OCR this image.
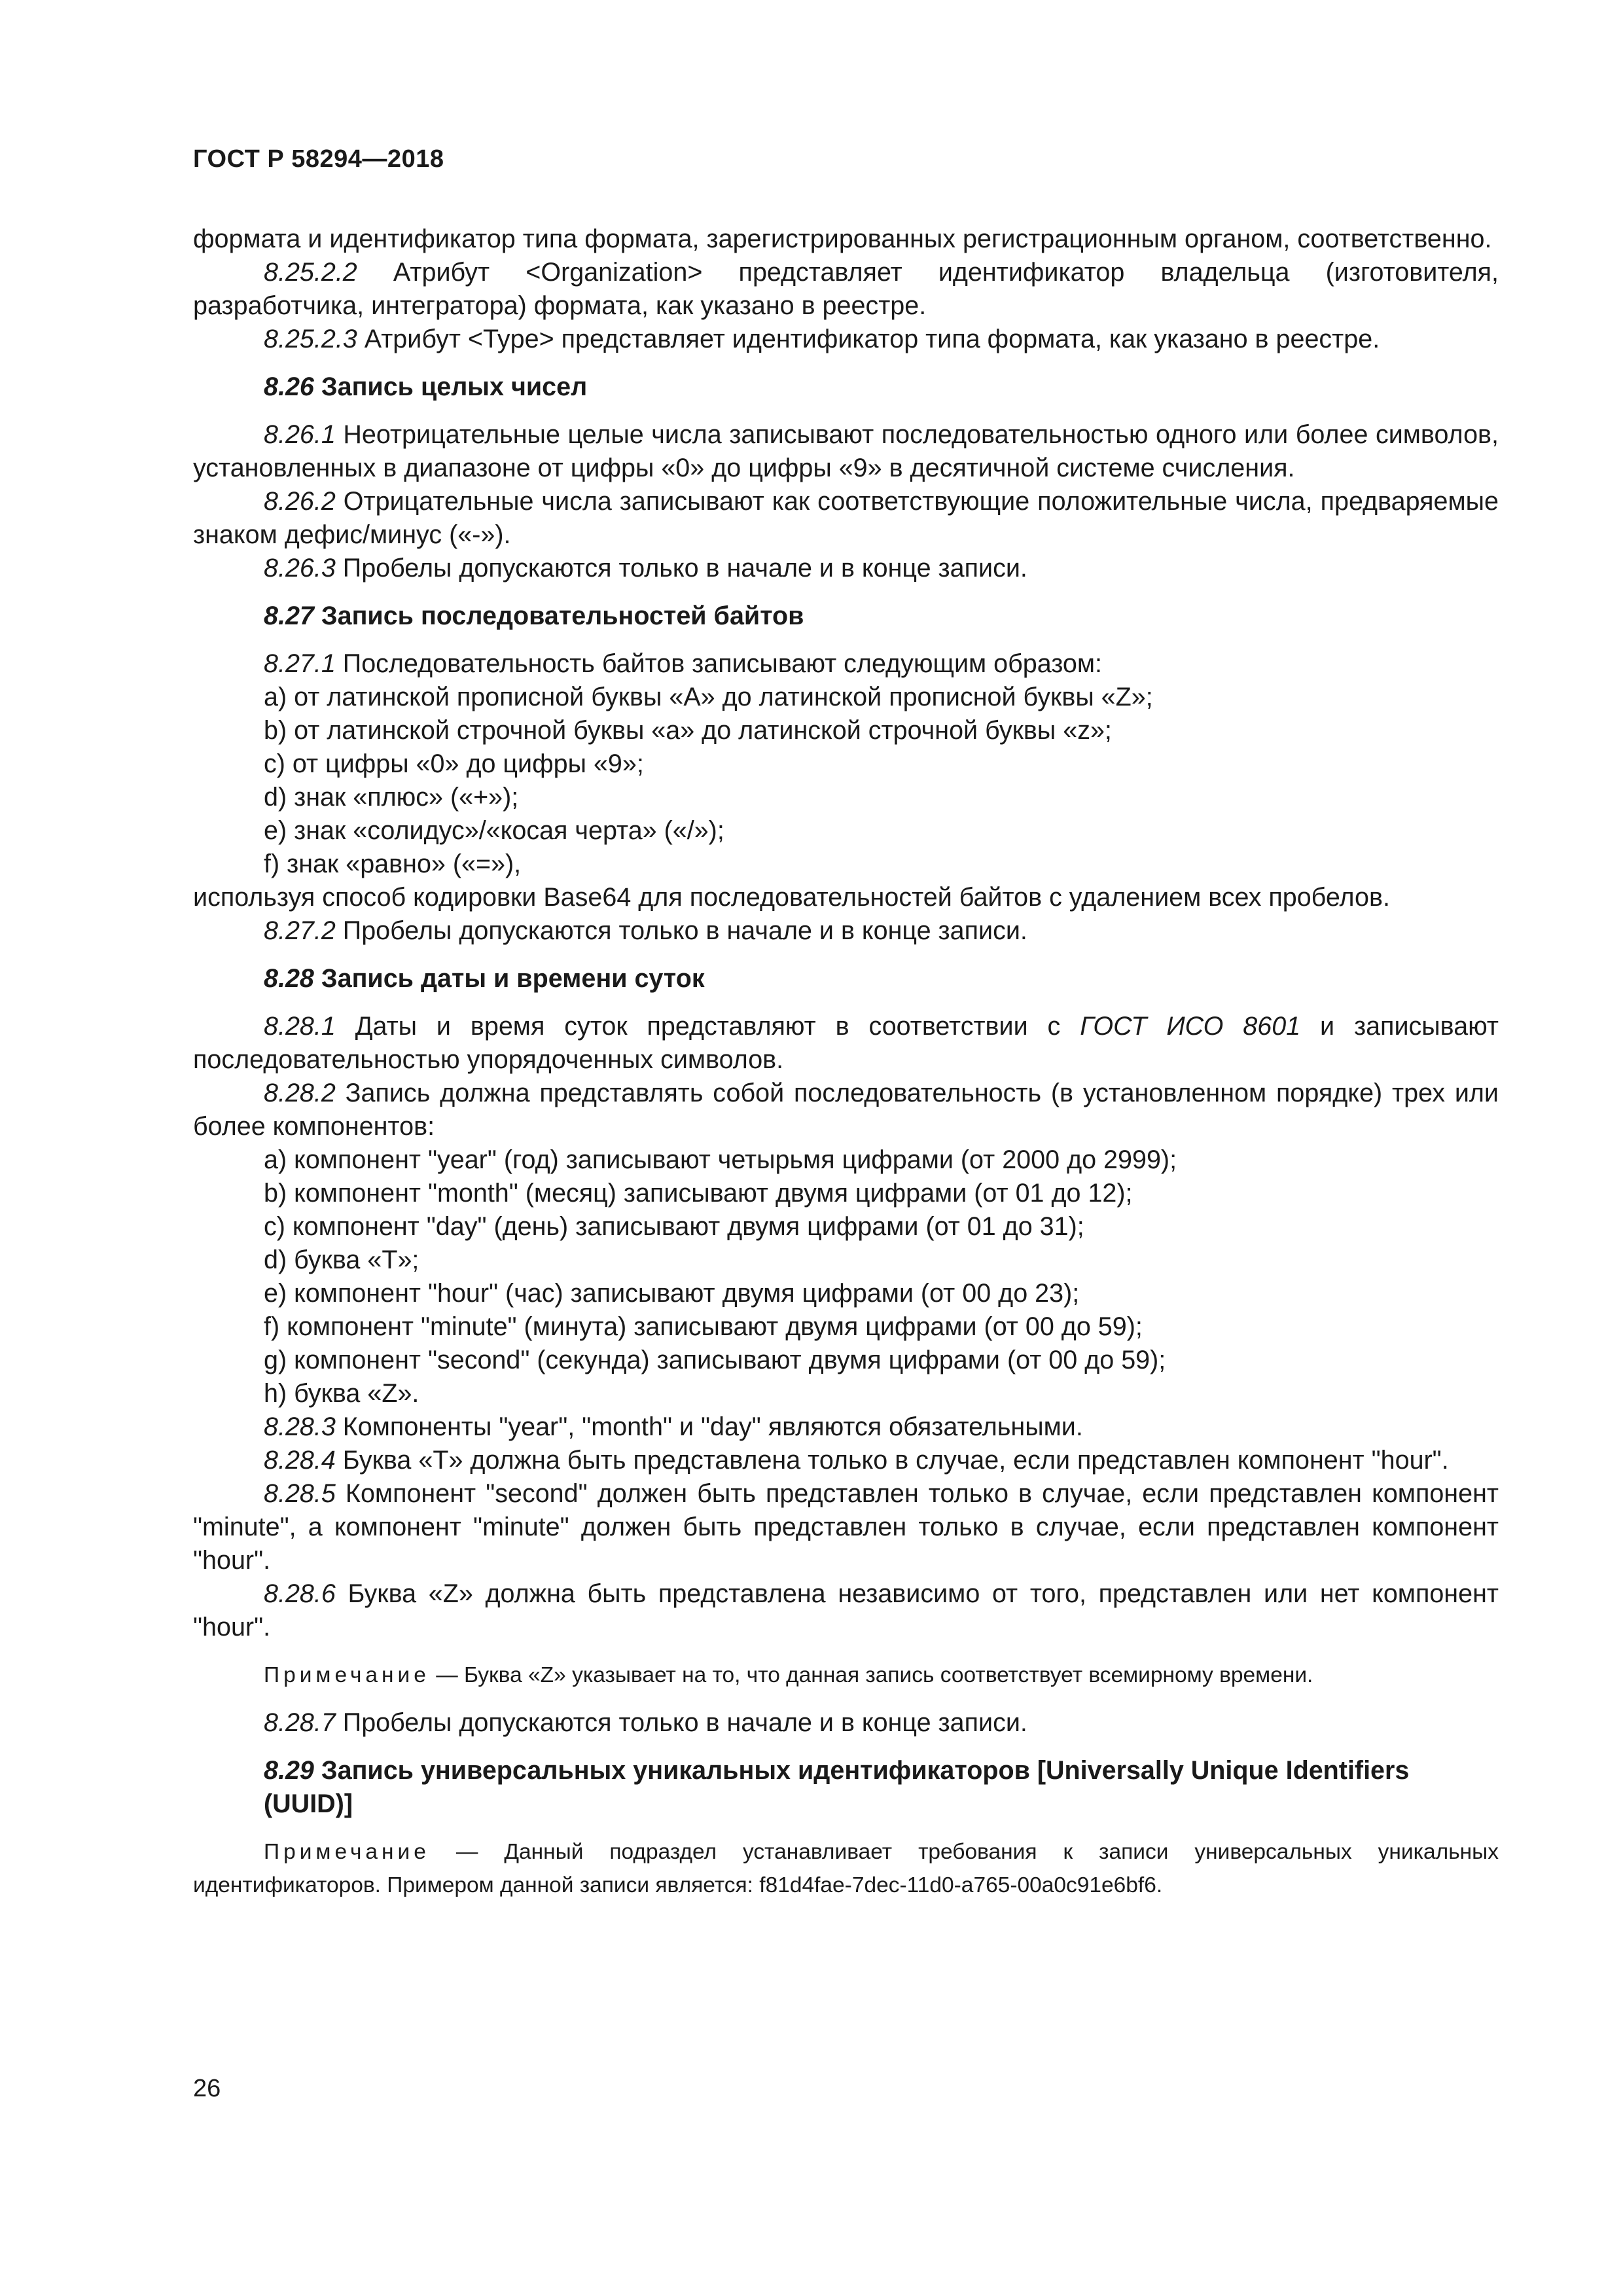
ГОСТ Р 58294—2018

формата и идентификатор типа формата, зарегистрированных регистрационным органом, соответственно.

8.25.2.2 Атрибут <Organization> представляет идентификатор владельца (изготовителя, разработчика, интегратора) формата, как указано в реестре.

8.25.2.3 Атрибут <Type> представляет идентификатор типа формата, как указано в реестре.

8.26 Запись целых чисел

8.26.1 Неотрицательные целые числа записывают последовательностью одного или более символов, установленных в диапазоне от цифры «0» до цифры «9» в десятичной системе счисления.

8.26.2 Отрицательные числа записывают как соответствующие положительные числа, предваряемые знаком дефис/минус («-»).

8.26.3 Пробелы допускаются только в начале и в конце записи.

8.27 Запись последовательностей байтов

8.27.1 Последовательность байтов записывают следующим образом:

а) от латинской прописной буквы «A» до латинской прописной буквы «Z»;

b) от латинской строчной буквы «a» до латинской строчной буквы «z»;

c) от цифры «0» до цифры «9»;

d) знак «плюс» («+»);

e) знак «солидус»/«косая черта» («/»);

f) знак «равно» («=»),

используя способ кодировки Base64 для последовательностей байтов с удалением всех пробелов.

8.27.2 Пробелы допускаются только в начале и в конце записи.

8.28 Запись даты и времени суток

8.28.1 Даты и время суток представляют в соответствии с ГОСТ ИСО 8601 и записывают последовательностью упорядоченных символов.

8.28.2 Запись должна представлять собой последовательность (в установленном порядке) трех или более компонентов:

а) компонент "year" (год) записывают четырьмя цифрами (от 2000 до 2999);

b) компонент "month" (месяц) записывают двумя цифрами (от 01 до 12);

c) компонент "day" (день) записывают двумя цифрами (от 01 до 31);

d) буква «T»;

e) компонент "hour" (час) записывают двумя цифрами (от 00 до 23);

f) компонент "minute" (минута) записывают двумя цифрами (от 00 до 59);

g) компонент "second" (секунда) записывают двумя цифрами (от 00 до 59);

h) буква «Z».

8.28.3 Компоненты "year", "month" и "day" являются обязательными.

8.28.4 Буква «T» должна быть представлена только в случае, если представлен компонент "hour".

8.28.5 Компонент "second" должен быть представлен только в случае, если представлен компонент "minute", а компонент "minute" должен быть представлен только в случае, если представлен компонент "hour".

8.28.6 Буква «Z» должна быть представлена независимо от того, представлен или нет компонент "hour".

Примечание — Буква «Z» указывает на то, что данная запись соответствует всемирному времени.

8.28.7 Пробелы допускаются только в начале и в конце записи.

8.29 Запись универсальных уникальных идентификаторов [Universally Unique Identifiers (UUID)]

Примечание — Данный подраздел устанавливает требования к записи универсальных уникальных идентификаторов. Примером данной записи является: f81d4fae-7dec-11d0-a765-00a0c91e6bf6.

26
